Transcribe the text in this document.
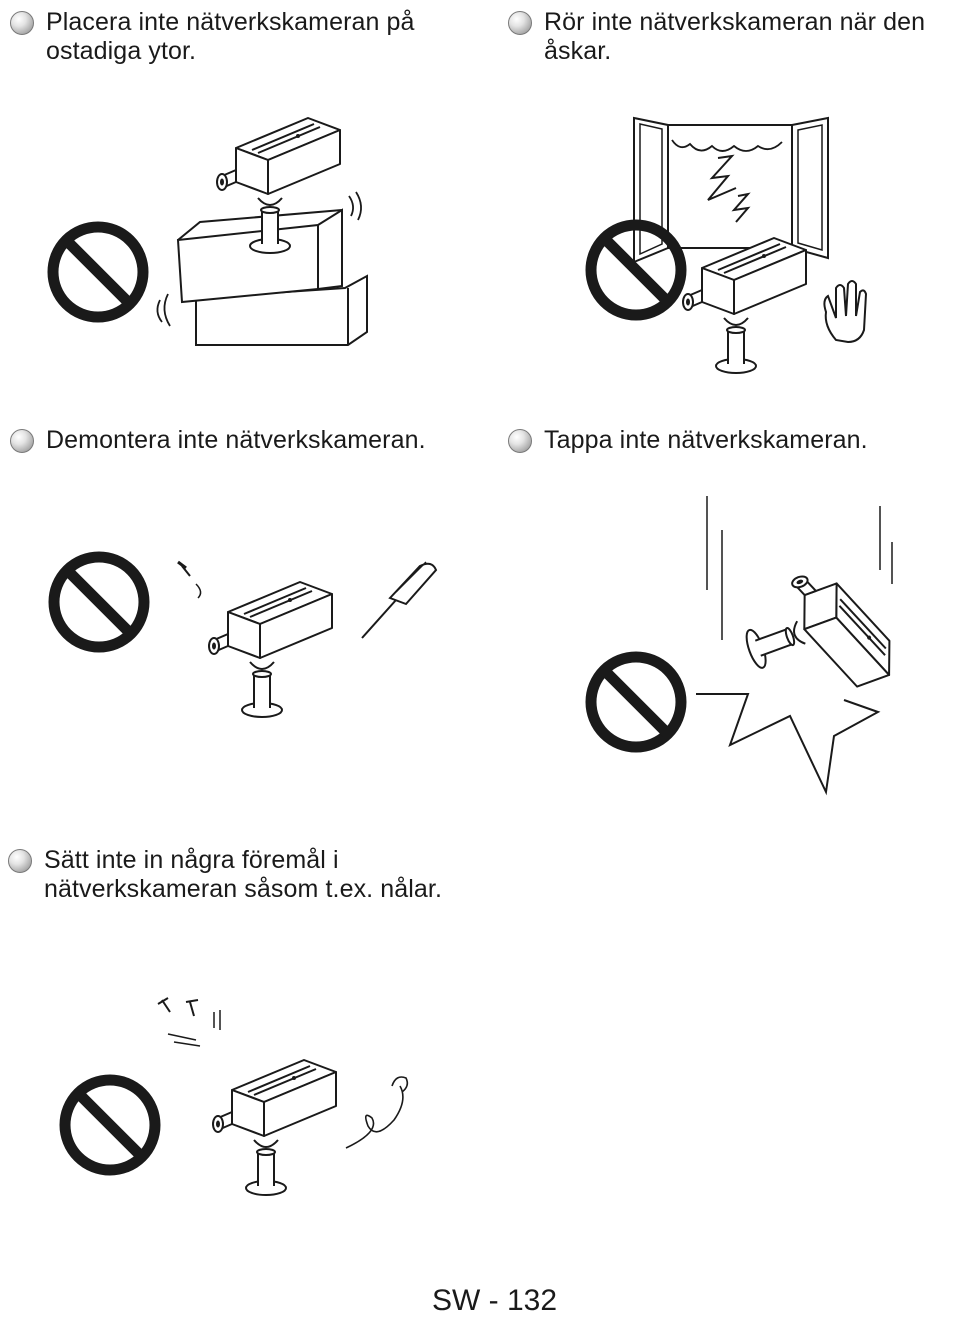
Placera inte nätverkskameran på ostadiga ytor.
Rör inte nätverkskameran när den åskar.
Demontera inte nätverkskameran.	Tappa inte nätverkskameran.
Sätt inte in några föremål i nätverkskameran såsom t.ex. nålar.
SW - 132
